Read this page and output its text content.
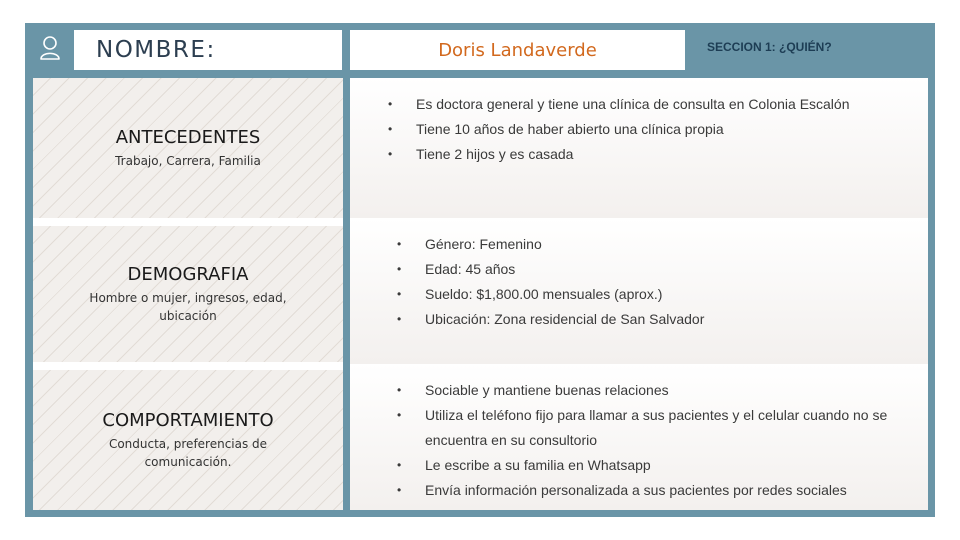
NOMBRE:	Doris Landaverde	SECCION 1: ¿QUIÉN?
ANTECEDENTES
Trabajo, Carrera, Familia
DEMOGRAFIA
Hombre o mujer, ingresos, edad, ubicación
COMPORTAMIENTO
Conducta, preferencias de comunicación.
• Es doctora general y tiene una clínica de consulta en Colonia Escalón
• Tiene 10 años de haber abierto una clínica propia
• Tiene 2 hijos y es casada
• Género: Femenino
• Edad: 45 años
• Sueldo: $1,800.00 mensuales (aprox.)
• Ubicación: Zona residencial de San Salvador
• Sociable y mantiene buenas relaciones
• Utiliza el teléfono fijo para llamar a sus pacientes y el celular cuando no se encuentra en su consultorio
• Le escribe a su familia en Whatsapp
• Envía información personalizada a sus pacientes por redes sociales
